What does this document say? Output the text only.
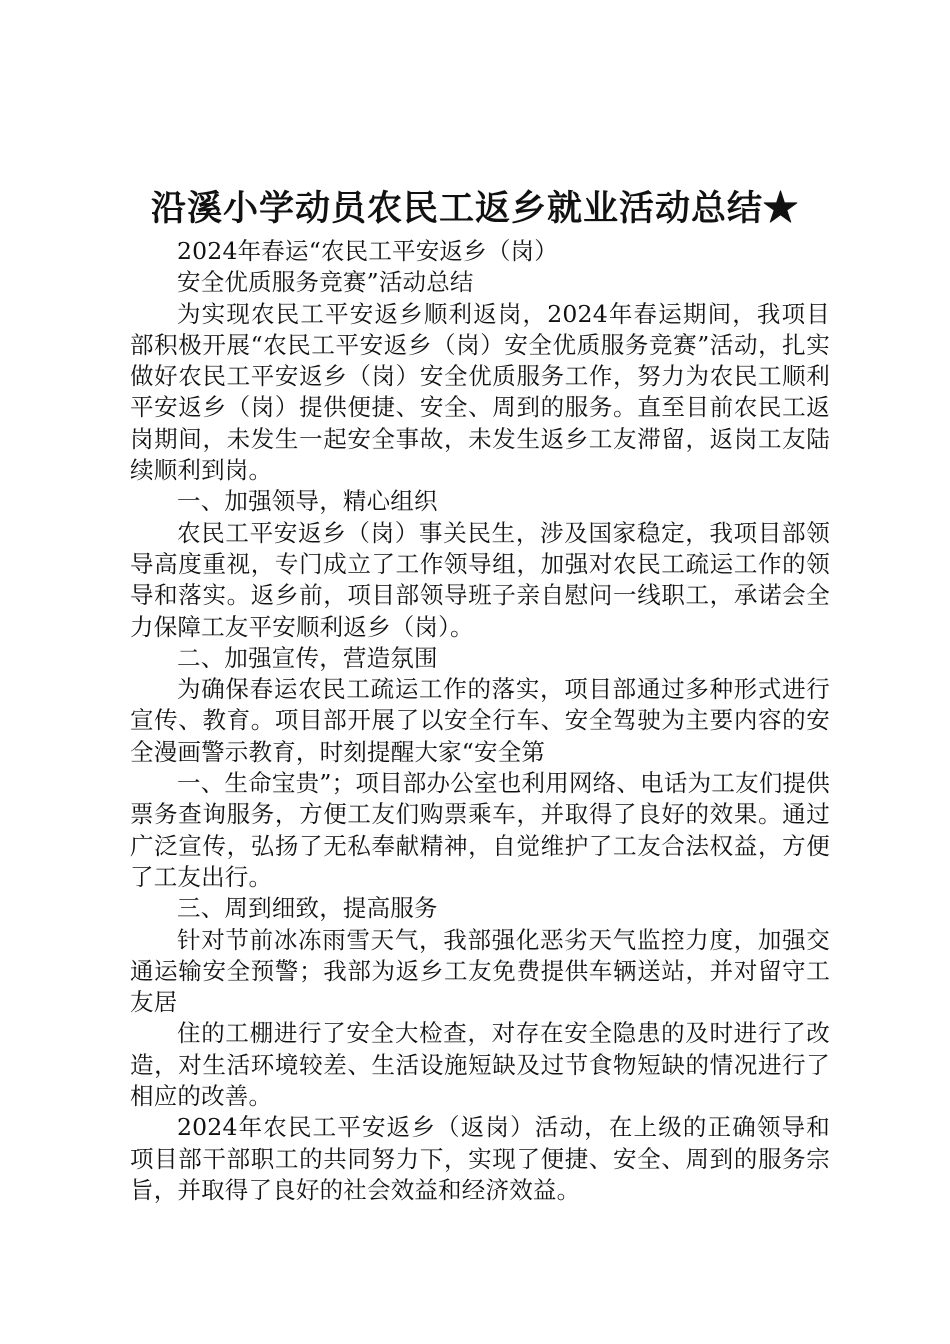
沿溪小学动员农民工返乡就业活动总结★

2024年春运“农民工平安返乡（岗）

安全优质服务竞赛”活动总结

为实现农民工平安返乡顺利返岗，2024年春运期间，我项目部积极开展“农民工平安返乡（岗）安全优质服务竞赛”活动，扎实做好农民工平安返乡（岗）安全优质服务工作，努力为农民工顺利平安返乡（岗）提供便捷、安全、周到的服务。直至目前农民工返岗期间，未发生一起安全事故，未发生返乡工友滞留，返岗工友陆续顺利到岗。

一、加强领导，精心组织

农民工平安返乡（岗）事关民生，涉及国家稳定，我项目部领导高度重视，专门成立了工作领导组，加强对农民工疏运工作的领导和落实。返乡前，项目部领导班子亲自慰问一线职工，承诺会全力保障工友平安顺利返乡（岗）。

二、加强宣传，营造氛围

为确保春运农民工疏运工作的落实，项目部通过多种形式进行宣传、教育。项目部开展了以安全行车、安全驾驶为主要内容的安全漫画警示教育，时刻提醒大家“安全第

一、生命宝贵”；项目部办公室也利用网络、电话为工友们提供票务查询服务，方便工友们购票乘车，并取得了良好的效果。通过广泛宣传，弘扬了无私奉献精神，自觉维护了工友合法权益，方便了工友出行。

三、周到细致，提高服务

针对节前冰冻雨雪天气，我部强化恶劣天气监控力度，加强交通运输安全预警；我部为返乡工友免费提供车辆送站，并对留守工友居

住的工棚进行了安全大检查，对存在安全隐患的及时进行了改造，对生活环境较差、生活设施短缺及过节食物短缺的情况进行了相应的改善。

2024年农民工平安返乡（返岗）活动，在上级的正确领导和项目部干部职工的共同努力下，实现了便捷、安全、周到的服务宗旨，并取得了良好的社会效益和经济效益。
